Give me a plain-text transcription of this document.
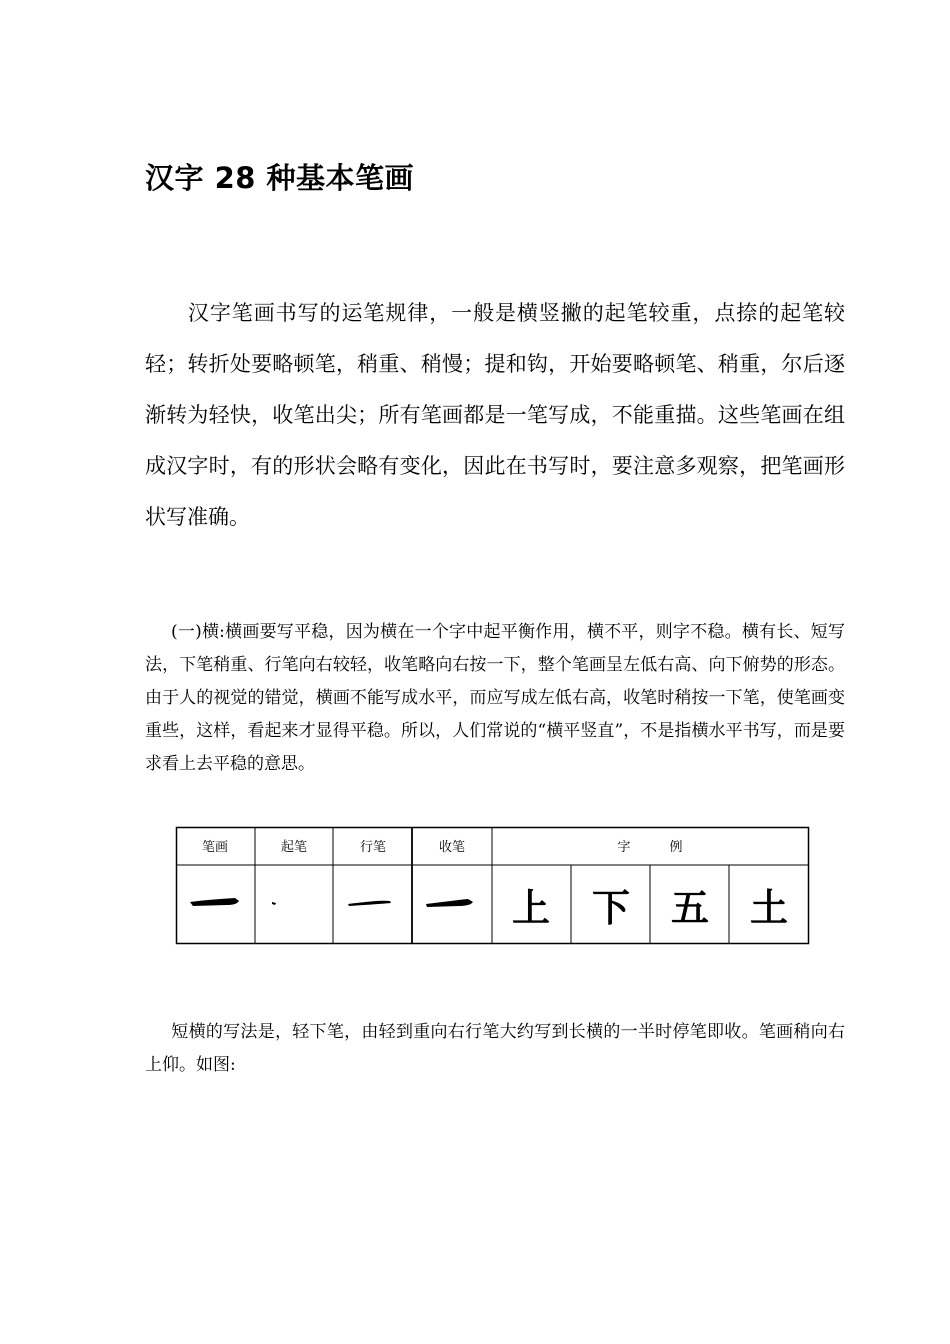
汉字 28 种基本笔画

汉字笔画书写的运笔规律，一般是横竖撇的起笔较重，点捺的起笔较轻；转折处要略顿笔，稍重、稍慢；提和钩，开始要略顿笔、稍重，尔后逐渐转为轻快，收笔出尖；所有笔画都是一笔写成，不能重描。这些笔画在组成汉字时，有的形状会略有变化，因此在书写时，要注意多观察，把笔画形状写准确。

(一)横:横画要写平稳，因为横在一个字中起平衡作用，横不平，则字不稳。横有长、短写法，下笔稍重、行笔向右较轻，收笔略向右按一下，整个笔画呈左低右高、向下俯势的形态。由于人的视觉的错觉，横画不能写成水平，而应写成左低右高，收笔时稍按一下笔，使笔画变重些，这样，看起来才显得平稳。所以，人们常说的“横平竖直”，不是指横水平书写，而是要求看上去平稳的意思。

笔画	起笔	行笔	收笔	字　　　例
上 下 五 土

短横的写法是，轻下笔，由轻到重向右行笔大约写到长横的一半时停笔即收。笔画稍向右上仰。如图:
